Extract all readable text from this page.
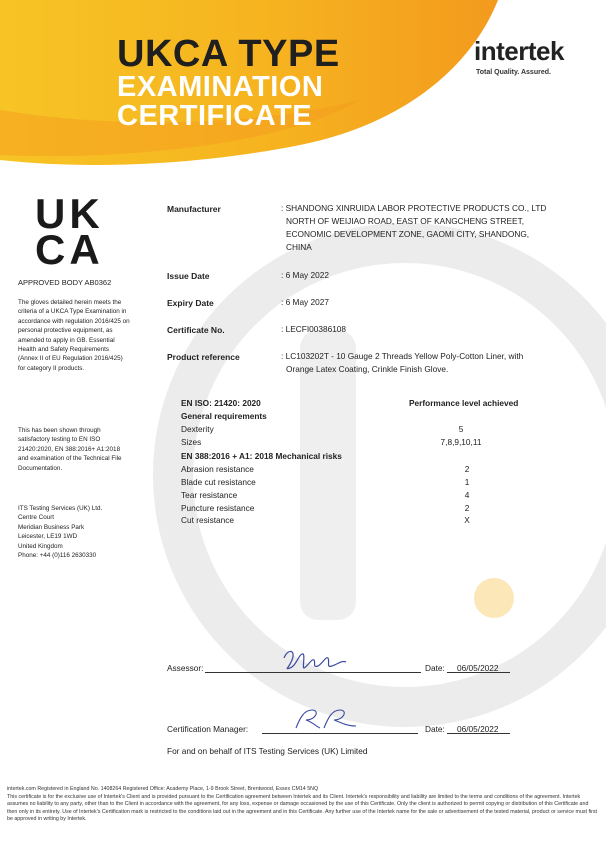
UKCA TYPE
EXAMINATION
CERTIFICATE
intertek
Total Quality. Assured.
UK
CA
APPROVED BODY AB0362

The gloves detailed herein meets the criteria of a UKCA Type Examination in accordance with regulation 2016/425 on personal protective equipment, as amended to apply in GB. Essential Health and Safety Requirements (Annex II of EU Regulation 2016/425) for category II products.

This has been shown through satisfactory testing to EN ISO 21420:2020, EN 388:2016+ A1:2018 and examination of the Technical File Documentation.

ITS Testing Services (UK) Ltd.

Centre Court

Meridian Business Park

Leicester, LE19 1WD

United Kingdom

Phone: +44 (0)116 2630330

Manufacturer	: SHANDONG XINRUIDA LABOR PROTECTIVE PRODUCTS CO., LTD
NORTH OF WEIJIAO ROAD, EAST OF KANGCHENG STREET,
ECONOMIC DEVELOPMENT ZONE, GAOMI CITY, SHANDONG,
CHINA
Issue Date	: 6 May 2022
Expiry Date	: 6 May 2027
Certificate No.	: LECFI00386108
Product reference	: LC103202T - 10 Gauge 2 Threads Yellow Poly-Cotton Liner, with
Orange Latex Coating, Crinkle Finish Glove.
EN ISO: 21420: 2020	Performance level achieved
General requirements
Dexterity	5
Sizes	7,8,9,10,11
EN 388:2016 + A1: 2018 Mechanical risks
Abrasion resistance	2
Blade cut resistance	1
Tear resistance	4
Puncture resistance	2
Cut resistance	X
Assessor:	Date: 06/05/2022
Certification Manager:	Date: 06/05/2022
For and on behalf of ITS Testing Services (UK) Limited

intertek.com Registered in England No. 1408264 Registered Office: Academy Place, 1-9 Brook Street, Brentwood, Essex CM14 5NQ

This certificate is for the exclusive use of Intertek's Client and is provided pursuant to the Certification agreement between Intertek and its Client. Intertek's responsibility and liability are limited to the terms and conditions of the agreement. Intertek assumes no liability to any party, other than to the Client in accordance with the agreement, for any loss, expense or damage occasioned by the use of this Certificate. Only the client is authorized to permit copying or distribution of this Certificate and then only in its entirety. Use of Intertek's Certification mark is restricted to the conditions laid out in the agreement and in this Certificate. Any further use of the Intertek name for the sale or advertisement of the tested material, product or service must first be approved in writing by Intertek.
